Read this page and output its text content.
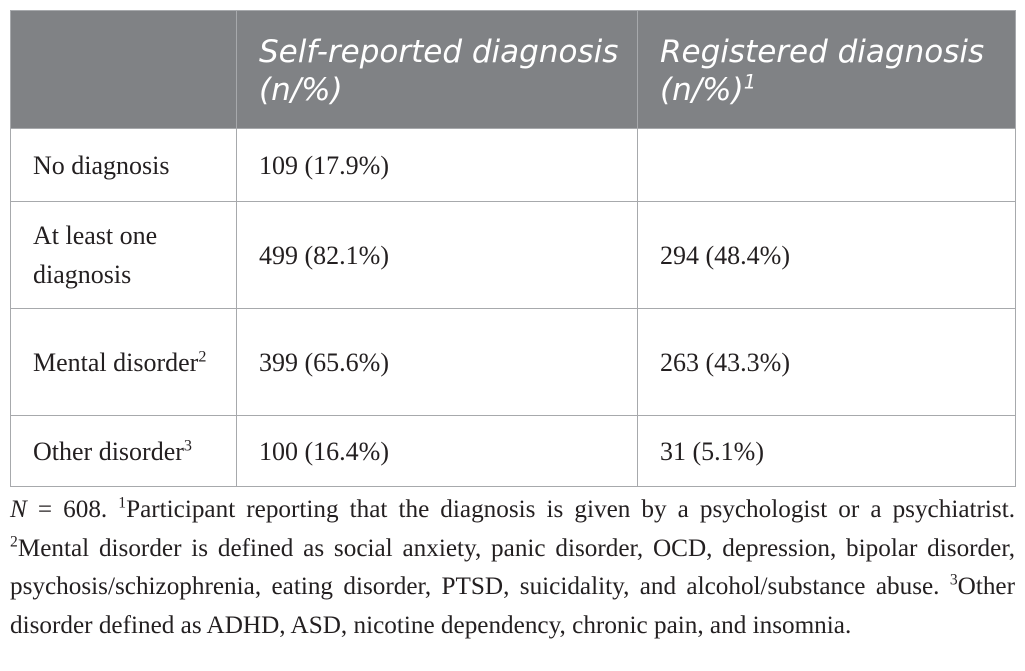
	Self-reported diagnosis (n/%)	Registered diagnosis $(n/\%)^1$
No diagnosis	109 (17.9%)	
At least one diagnosis	499 (82.1%)	294 (48.4%)
Mental disorder$^2$	399 (65.6%)	263 (43.3%)
Other disorder$^3$	100 (16.4%)	31 (5.1%)

N = 608. $^1$Participant reporting that the diagnosis is given by a psychologist or a psychiatrist. $^2$Mental disorder is defined as social anxiety, panic disorder, OCD, depression, bipolar disorder, psychosis/schizophrenia, eating disorder, PTSD, suicidality, and alcohol/substance abuse. $^3$Other disorder defined as ADHD, ASD, nicotine dependency, chronic pain, and insomnia.
